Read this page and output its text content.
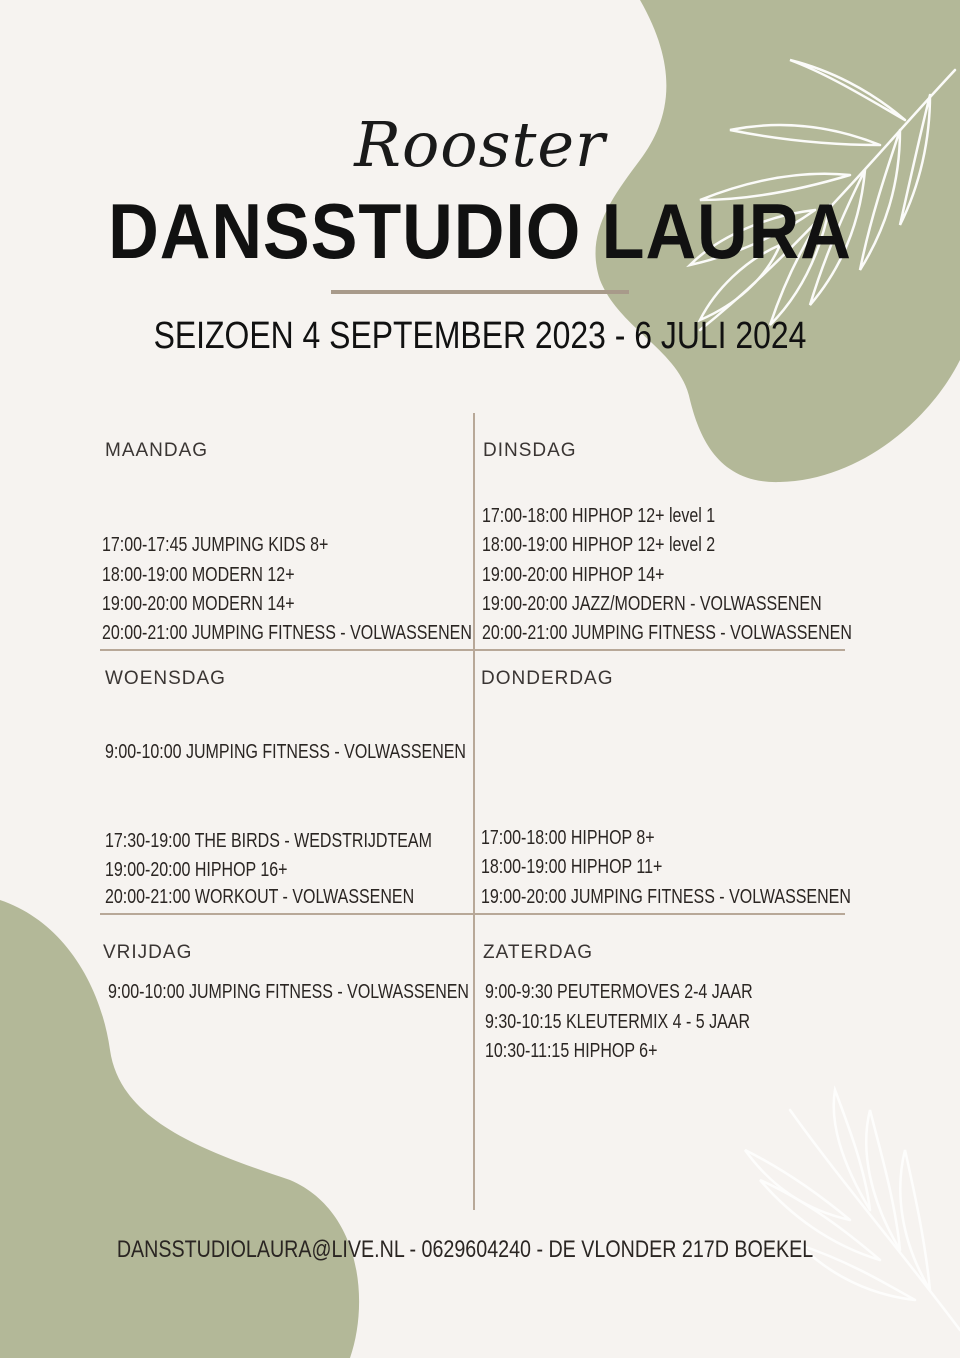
Rooster
DANSSTUDIO LAURA
SEIZOEN 4 SEPTEMBER 2023 - 6 JULI 2024
MAANDAG
17:00-17:45 JUMPING KIDS 8+
18:00-19:00 MODERN 12+
19:00-20:00 MODERN 14+
20:00-21:00 JUMPING FITNESS - VOLWASSENEN
DINSDAG
17:00-18:00 HIPHOP 12+ level 1
18:00-19:00 HIPHOP 12+ level 2
19:00-20:00 HIPHOP 14+
19:00-20:00 JAZZ/MODERN - VOLWASSENEN
20:00-21:00 JUMPING FITNESS - VOLWASSENEN
WOENSDAG
9:00-10:00 JUMPING FITNESS - VOLWASSENEN
17:30-19:00 THE BIRDS - WEDSTRIJDTEAM
19:00-20:00 HIPHOP 16+
20:00-21:00 WORKOUT - VOLWASSENEN
DONDERDAG
17:00-18:00 HIPHOP 8+
18:00-19:00 HIPHOP 11+
19:00-20:00 JUMPING FITNESS - VOLWASSENEN
VRIJDAG
9:00-10:00 JUMPING FITNESS - VOLWASSENEN
ZATERDAG
9:00-9:30 PEUTERMOVES 2-4 JAAR
9:30-10:15 KLEUTERMIX 4 - 5 JAAR
10:30-11:15 HIPHOP 6+
DANSSTUDIOLAURA@LIVE.NL - 0629604240 - DE VLONDER 217D BOEKEL
